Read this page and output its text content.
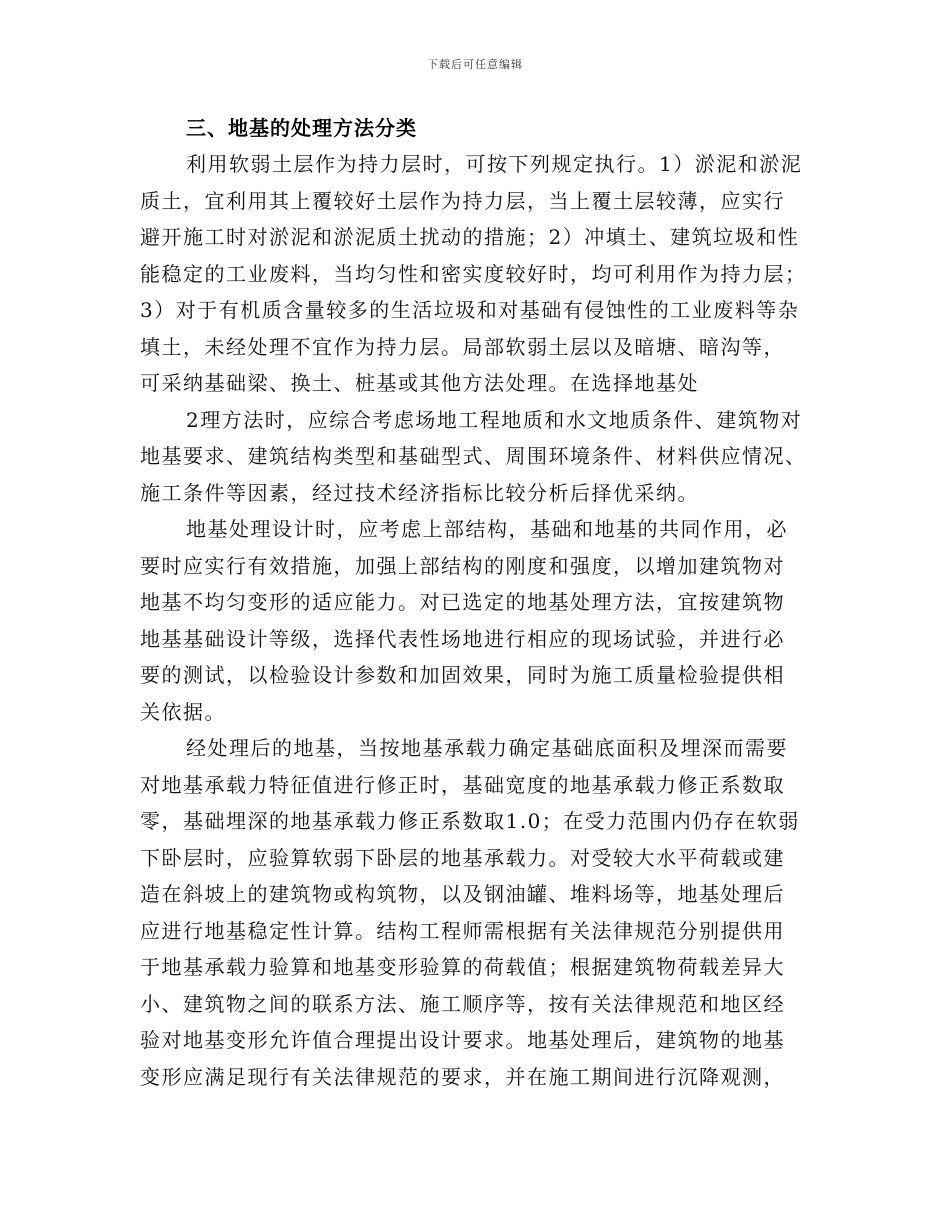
下载后可任意编辑
三、地基的处理方法分类
利用软弱土层作为持力层时，可按下列规定执行。1）淤泥和淤泥
质土，宜利用其上覆较好土层作为持力层，当上覆土层较薄，应实行
避开施工时对淤泥和淤泥质土扰动的措施；2）冲填土、建筑垃圾和性
能稳定的工业废料，当均匀性和密实度较好时，均可利用作为持力层；
3）对于有机质含量较多的生活垃圾和对基础有侵蚀性的工业废料等杂
填土，未经处理不宜作为持力层。局部软弱土层以及暗塘、暗沟等，
可采纳基础梁、换土、桩基或其他方法处理。在选择地基处
2理方法时，应综合考虑场地工程地质和水文地质条件、建筑物对
地基要求、建筑结构类型和基础型式、周围环境条件、材料供应情况、
施工条件等因素，经过技术经济指标比较分析后择优采纳。
地基处理设计时，应考虑上部结构，基础和地基的共同作用，必
要时应实行有效措施，加强上部结构的刚度和强度，以增加建筑物对
地基不均匀变形的适应能力。对已选定的地基处理方法，宜按建筑物
地基基础设计等级，选择代表性场地进行相应的现场试验，并进行必
要的测试，以检验设计参数和加固效果，同时为施工质量检验提供相
关依据。
经处理后的地基，当按地基承载力确定基础底面积及埋深而需要
对地基承载力特征值进行修正时，基础宽度的地基承载力修正系数取
零，基础埋深的地基承载力修正系数取1.0；在受力范围内仍存在软弱
下卧层时，应验算软弱下卧层的地基承载力。对受较大水平荷载或建
造在斜坡上的建筑物或构筑物，以及钢油罐、堆料场等，地基处理后
应进行地基稳定性计算。结构工程师需根据有关法律规范分别提供用
于地基承载力验算和地基变形验算的荷载值；根据建筑物荷载差异大
小、建筑物之间的联系方法、施工顺序等，按有关法律规范和地区经
验对地基变形允许值合理提出设计要求。地基处理后，建筑物的地基
变形应满足现行有关法律规范的要求，并在施工期间进行沉降观测，
